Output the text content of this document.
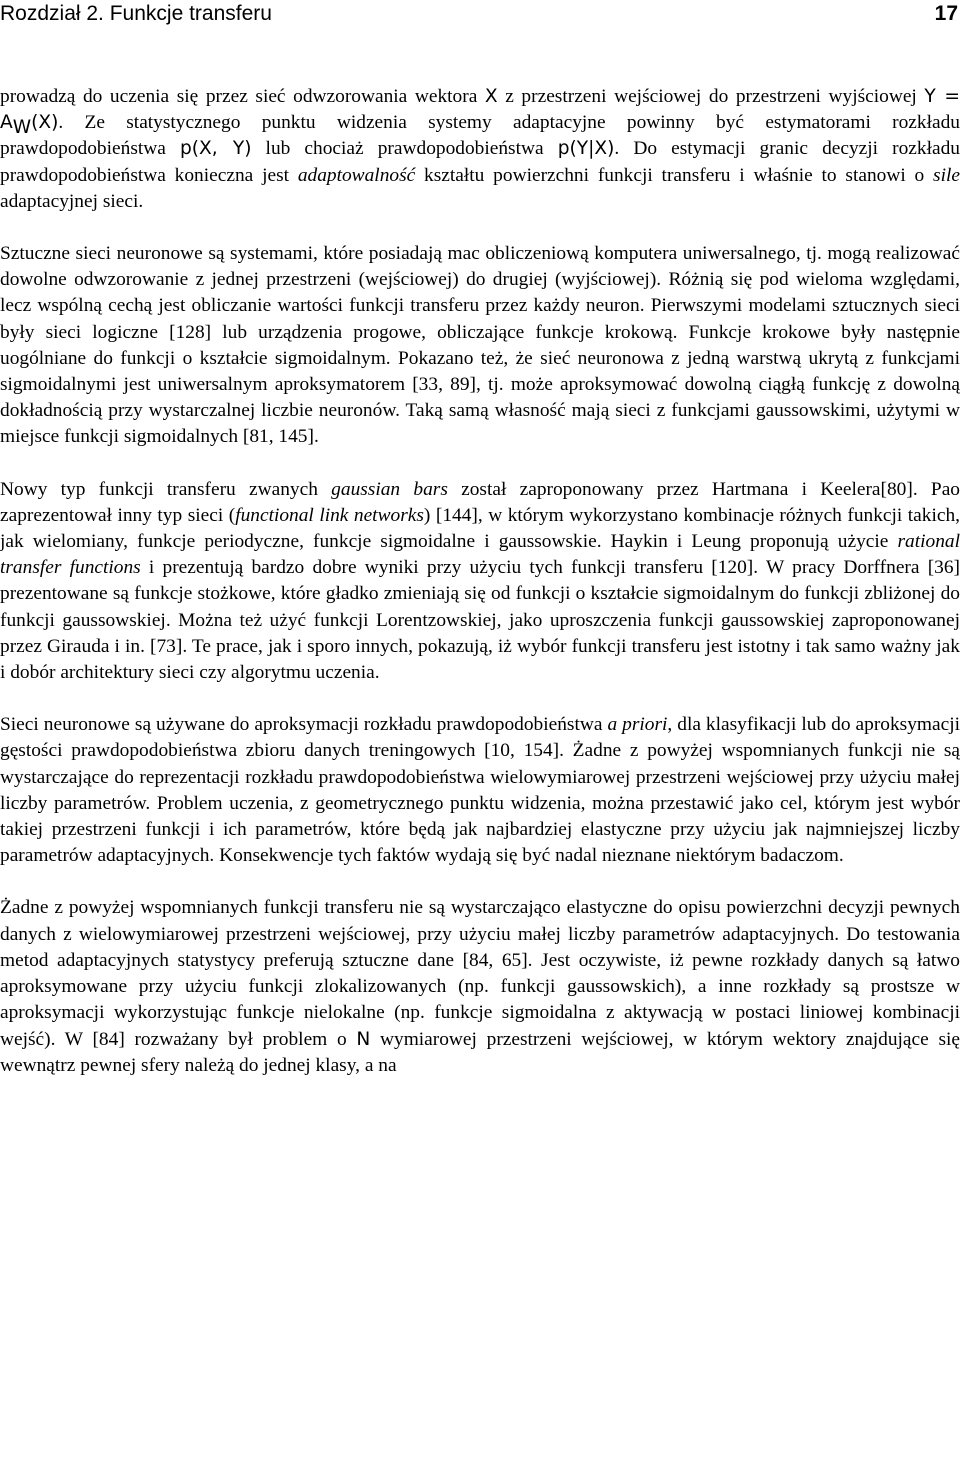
Rozdział 2. Funkcje transferu	17

prowadzą do uczenia się przez sieć odwzorowania wektora X z przestrzeni wejściowej do przestrzeni wyjściowej $Y = A_W(X)$. Ze statystycznego punktu widzenia systemy adaptacyjne powinny być estymatorami rozkładu prawdopodobieństwa p(X, Y) lub chociaż prawdopodobieństwa p(Y|X). Do estymacji granic decyzji rozkładu prawdopodobieństwa konieczna jest adaptowalność kształtu powierzchni funkcji transferu i właśnie to stanowi o sile adaptacyjnej sieci.

Sztuczne sieci neuronowe są systemami, które posiadają mac obliczeniową komputera uniwersalnego, tj. mogą realizować dowolne odwzorowanie z jednej przestrzeni (wejściowej) do drugiej (wyjściowej). Różnią się pod wieloma względami, lecz wspólną cechą jest obliczanie wartości funkcji transferu przez każdy neuron. Pierwszymi modelami sztucznych sieci były sieci logiczne [128] lub urządzenia progowe, obliczające funkcje krokową. Funkcje krokowe były następnie uogólniane do funkcji o kształcie sigmoidalnym. Pokazano też, że sieć neuronowa z jedną warstwą ukrytą z funkcjami sigmoidalnymi jest uniwersalnym aproksymatorem [33, 89], tj. może aproksymować dowolną ciągłą funkcję z dowolną dokładnością przy wystarczalnej liczbie neuronów. Taką samą własność mają sieci z funkcjami gaussowskimi, użytymi w miejsce funkcji sigmoidalnych [81, 145].

Nowy typ funkcji transferu zwanych gaussian bars został zaproponowany przez Hartmana i Keelera[80]. Pao zaprezentował inny typ sieci (functional link networks) [144], w którym wykorzystano kombinacje różnych funkcji takich, jak wielomiany, funkcje periodyczne, funkcje sigmoidalne i gaussowskie. Haykin i Leung proponują użycie rational transfer functions i prezentują bardzo dobre wyniki przy użyciu tych funkcji transferu [120]. W pracy Dorffnera [36] prezentowane są funkcje stożkowe, które gładko zmieniają się od funkcji o kształcie sigmoidalnym do funkcji zbliżonej do funkcji gaussowskiej. Można też użyć funkcji Lorentzowskiej, jako uproszczenia funkcji gaussowskiej zaproponowanej przez Girauda i in. [73]. Te prace, jak i sporo innych, pokazują, iż wybór funkcji transferu jest istotny i tak samo ważny jak i dobór architektury sieci czy algorytmu uczenia.

Sieci neuronowe są używane do aproksymacji rozkładu prawdopodobieństwa a priori, dla klasyfikacji lub do aproksymacji gęstości prawdopodobieństwa zbioru danych treningowych [10, 154]. Żadne z powyżej wspomnianych funkcji nie są wystarczające do reprezentacji rozkładu prawdopodobieństwa wielowymiarowej przestrzeni wejściowej przy użyciu małej liczby parametrów. Problem uczenia, z geometrycznego punktu widzenia, można przestawić jako cel, którym jest wybór takiej przestrzeni funkcji i ich parametrów, które będą jak najbardziej elastyczne przy użyciu jak najmniejszej liczby parametrów adaptacyjnych. Konsekwencje tych faktów wydają się być nadal nieznane niektórym badaczom.

Żadne z powyżej wspomnianych funkcji transferu nie są wystarczająco elastyczne do opisu powierzchni decyzji pewnych danych z wielowymiarowej przestrzeni wejściowej, przy użyciu małej liczby parametrów adaptacyjnych. Do testowania metod adaptacyjnych statystycy preferują sztuczne dane [84, 65]. Jest oczywiste, iż pewne rozkłady danych są łatwo aproksymowane przy użyciu funkcji zlokalizowanych (np. funkcji gaussowskich), a inne rozkłady są prostsze w aproksymacji wykorzystując funkcje nielokalne (np. funkcje sigmoidalna z aktywacją w postaci liniowej kombinacji wejść). W [84] rozważany był problem o N wymiarowej przestrzeni wejściowej, w którym wektory znajdujące się wewnątrz pewnej sfery należą do jednej klasy, a na
